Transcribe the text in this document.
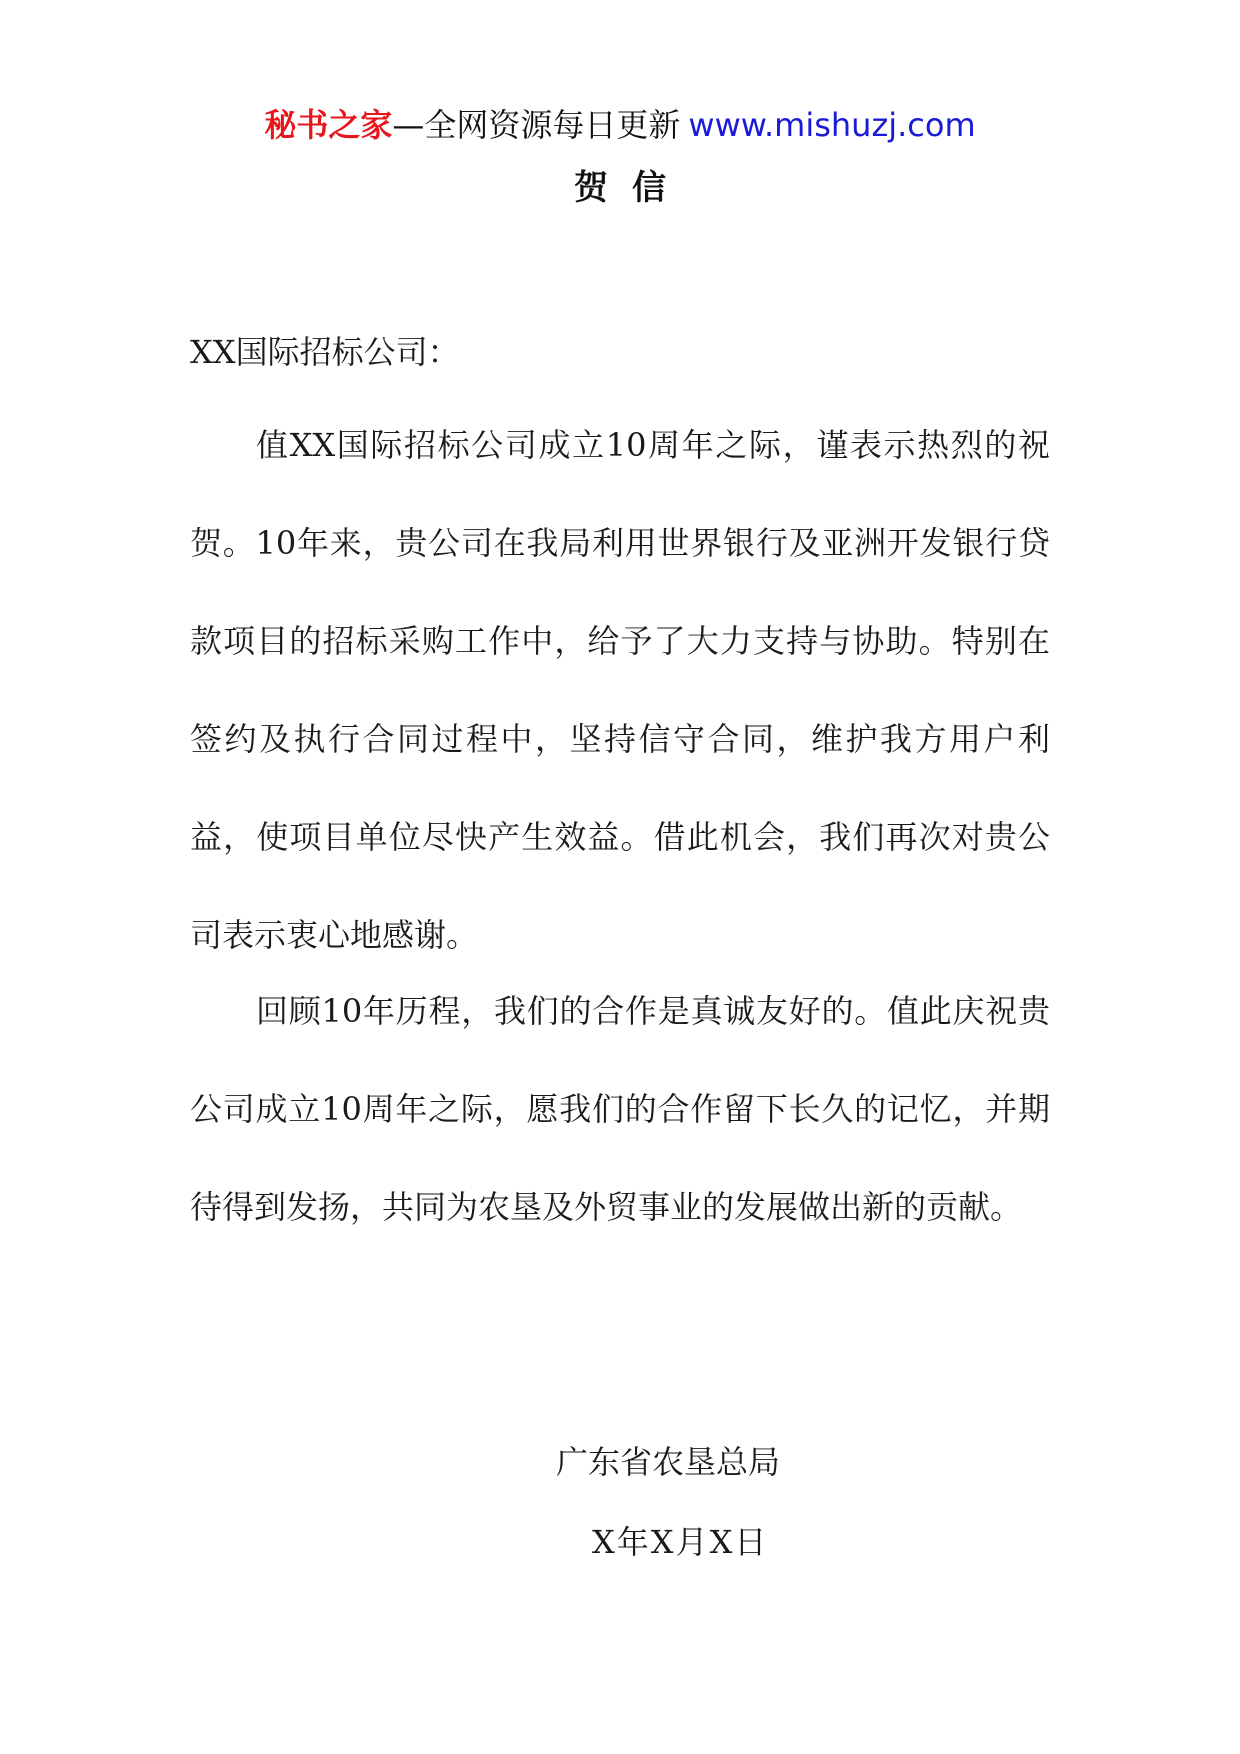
秘书之家—全网资源每日更新 www.mishuzj.com
贺信
XX国际招标公司：

值XX国际招标公司成立10周年之际，谨表示热烈的祝贺。10年来，贵公司在我局利用世界银行及亚洲开发银行贷款项目的招标采购工作中，给予了大力支持与协助。特别在签约及执行合同过程中，坚持信守合同，维护我方用户利益，使项目单位尽快产生效益。借此机会，我们再次对贵公司表示衷心地感谢。

回顾10年历程，我们的合作是真诚友好的。值此庆祝贵公司成立10周年之际，愿我们的合作留下长久的记忆，并期待得到发扬，共同为农垦及外贸事业的发展做出新的贡献。

广东省农垦总局
X年X月X日
